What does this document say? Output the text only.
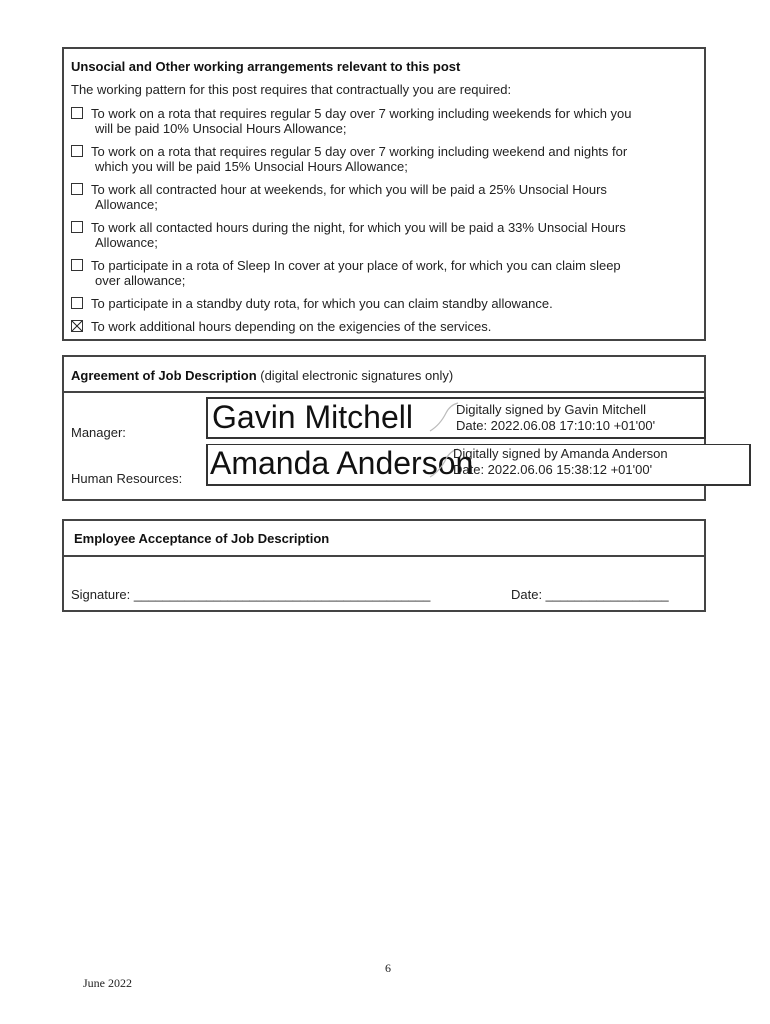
Unsocial and Other working arrangements relevant to this post
The working pattern for this post requires that contractually you are required:
To work on a rota that requires regular 5 day over 7 working including weekends for which you
will be paid 10% Unsocial Hours Allowance;
To work on a rota that requires regular 5 day over 7 working including weekend and nights for
which you will be paid 15% Unsocial Hours Allowance;
To work all contracted hour at weekends, for which you will be paid a 25% Unsocial Hours
Allowance;
To work all contacted hours during the night, for which you will be paid a 33% Unsocial Hours
Allowance;
To participate in a rota of Sleep In cover at your place of work, for which you can claim sleep
over allowance;
To participate in a standby duty rota, for which you can claim standby allowance.
To work additional hours depending on the exigencies of the services.
Agreement of Job Description (digital electronic signatures only)
Manager:
Human Resources:
Gavin Mitchell	Digitally signed by Gavin Mitchell
Date: 2022.06.08 17:10:10 +01'00'
Amanda Anderson
Digitally signed by Amanda Anderson
Date: 2022.06.06 15:38:12 +01'00'
Employee Acceptance of Job Description
Signature: _________________________________________	Date: _________________
6
June 2022
